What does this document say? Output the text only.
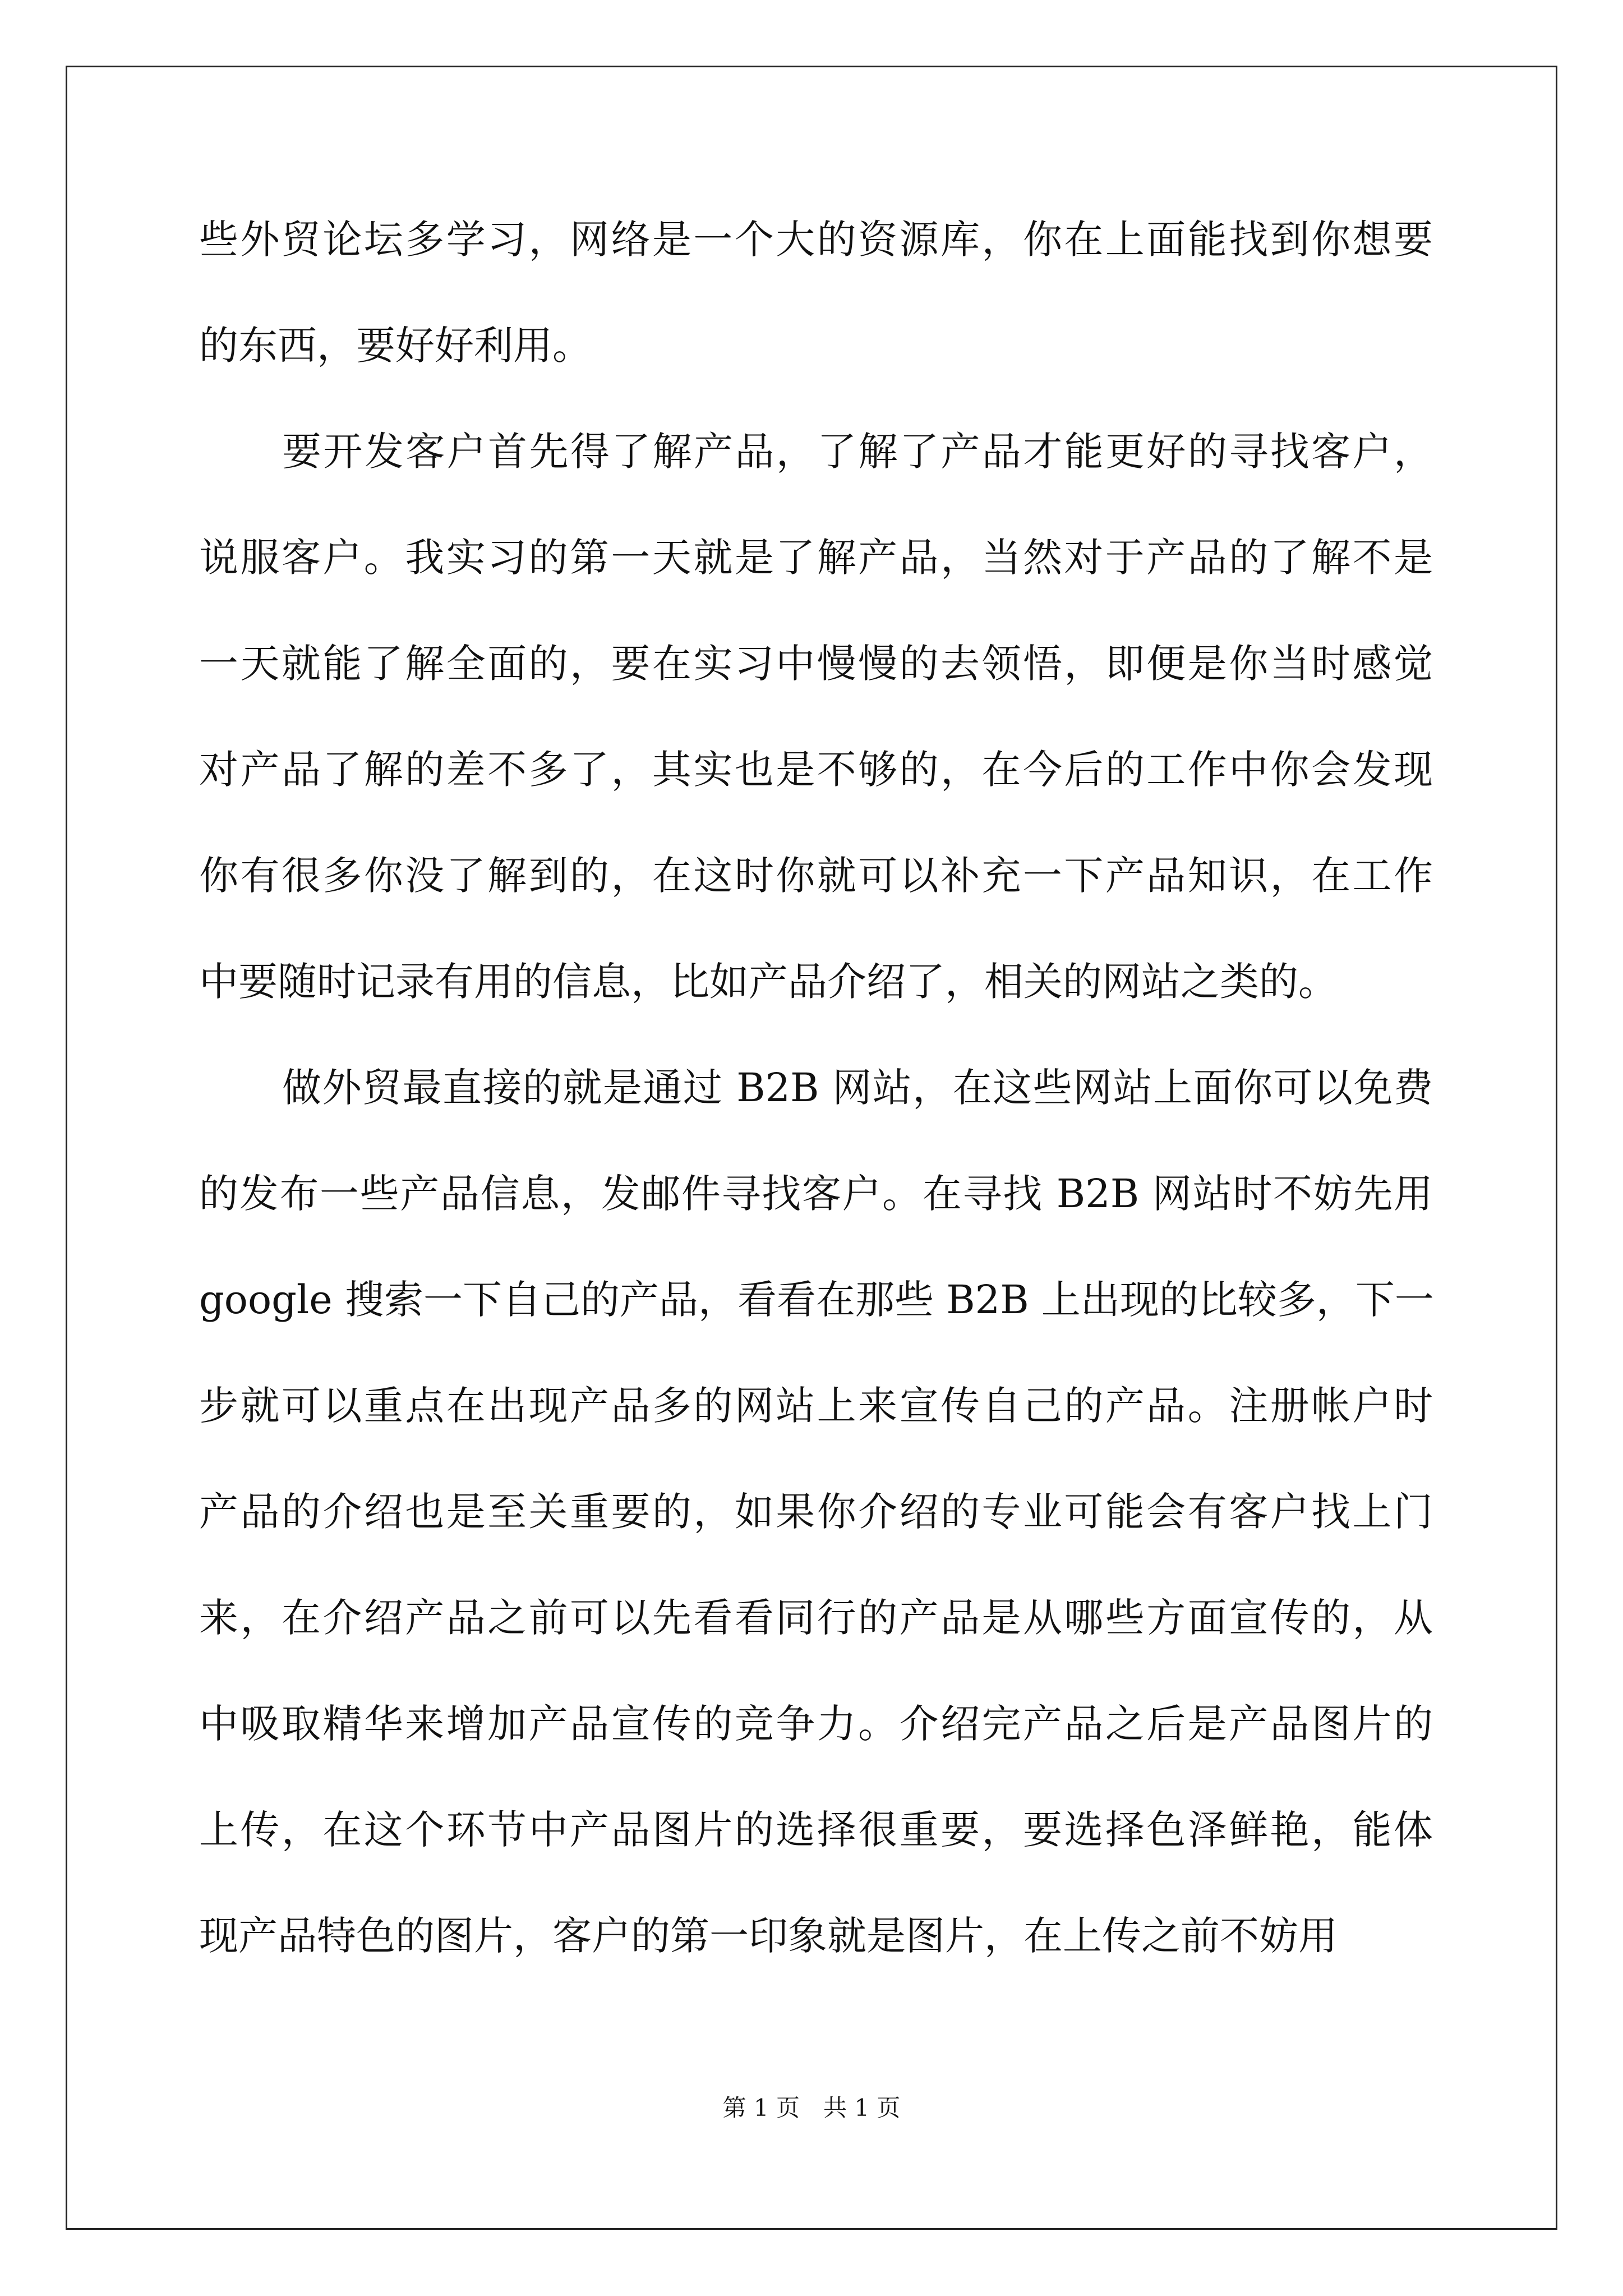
些外贸论坛多学习，网络是一个大的资源库，你在上面能找到你想要
的东西，要好好利用。
要开发客户首先得了解产品，了解了产品才能更好的寻找客户，
说服客户。我实习的第一天就是了解产品，当然对于产品的了解不是
一天就能了解全面的，要在实习中慢慢的去领悟，即便是你当时感觉
对产品了解的差不多了，其实也是不够的，在今后的工作中你会发现
你有很多你没了解到的，在这时你就可以补充一下产品知识，在工作
中要随时记录有用的信息，比如产品介绍了，相关的网站之类的。
做外贸最直接的就是通过 B2B 网站，在这些网站上面你可以免费
的发布一些产品信息，发邮件寻找客户。在寻找 B2B 网站时不妨先用
google 搜索一下自己的产品，看看在那些 B2B 上出现的比较多，下一
步就可以重点在出现产品多的网站上来宣传自己的产品。注册帐户时
产品的介绍也是至关重要的，如果你介绍的专业可能会有客户找上门
来，在介绍产品之前可以先看看同行的产品是从哪些方面宣传的，从
中吸取精华来增加产品宣传的竞争力。介绍完产品之后是产品图片的
上传，在这个环节中产品图片的选择很重要，要选择色泽鲜艳，能体
现产品特色的图片，客户的第一印象就是图片，在上传之前不妨用
第 1 页　共 1 页
